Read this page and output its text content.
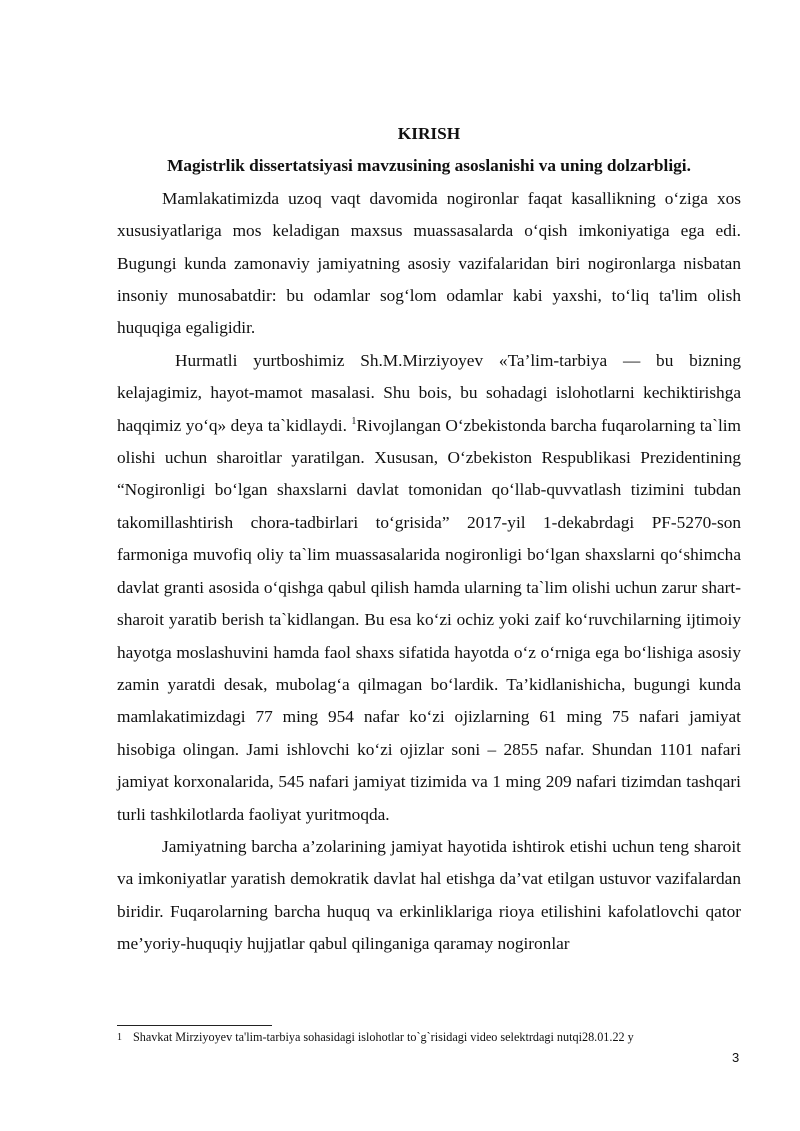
KIRISH

Magistrlik dissertatsiyasi mavzusining asoslanishi va uning dolzarbligi.

Mamlakatimizda uzoq vaqt davomida nogironlar faqat kasallikning o‘ziga xos xususiyatlariga mos keladigan maxsus muassasalarda o‘qish imkoniyatiga ega edi. Bugungi kunda zamonaviy jamiyatning asosiy vazifalaridan biri nogironlarga nisbatan insoniy munosabatdir: bu odamlar sog‘lom odamlar kabi yaxshi, to‘liq ta'lim olish huquqiga egaligidir.

Hurmatli yurtboshimiz Sh.M.Mirziyoyev «Ta’lim-tarbiya — bu bizning kelajagimiz, hayot-mamot masalasi. Shu bois, bu sohadagi islohotlarni kechiktirishga haqqimiz yo‘q» deya ta`kidlaydi. $^1$Rivojlangan O‘zbekistonda barcha fuqarolarning ta`lim olishi uchun sharoitlar yaratilgan. Xususan, O‘zbekiston Respublikasi Prezidentining “Nogironligi bo‘lgan shaxslarni davlat tomonidan qo‘llab-quvvatlash tizimini tubdan takomillashtirish chora-tadbirlari to‘grisida” 2017-yil 1-dekabrdagi PF-5270-son farmoniga muvofiq oliy ta`lim muassasalarida nogironligi bo‘lgan shaxslarni qo‘shimcha davlat granti asosida o‘qishga qabul qilish hamda ularning ta`lim olishi uchun zarur shart-sharoit yaratib berish ta`kidlangan. Bu esa ko‘zi ochiz yoki zaif ko‘ruvchilarning ijtimoiy hayotga moslashuvini hamda faol shaxs sifatida hayotda o‘z o‘rniga ega bo‘lishiga asosiy zamin yaratdi desak, mubolag‘a qilmagan bo‘lardik. Ta’kidlanishicha, bugungi kunda mamlakatimizdagi 77 ming 954 nafar ko‘zi ojizlarning 61 ming 75 nafari jamiyat hisobiga olingan. Jami ishlovchi ko‘zi ojizlar soni – 2855 nafar. Shundan 1101 nafari jamiyat korxonalarida, 545 nafari jamiyat tizimida va 1 ming 209 nafari tizimdan tashqari turli tashkilotlarda faoliyat yuritmoqda.

Jamiyatning barcha a’zolarining jamiyat hayotida ishtirok etishi uchun teng sharoit va imkoniyatlar yaratish demokratik davlat hal etishga da’vat etilgan ustuvor vazifalardan biridir. Fuqarolarning barcha huquq va erkinliklariga rioya etilishini kafolatlovchi qator me’yoriy-huquqiy hujjatlar qabul qilinganiga qaramay nogironlar

1 Shavkat Mirziyoyev ta'lim-tarbiya sohasidagi islohotlar to`g`risidagi video selektrdagi nutqi28.01.22 y
3
